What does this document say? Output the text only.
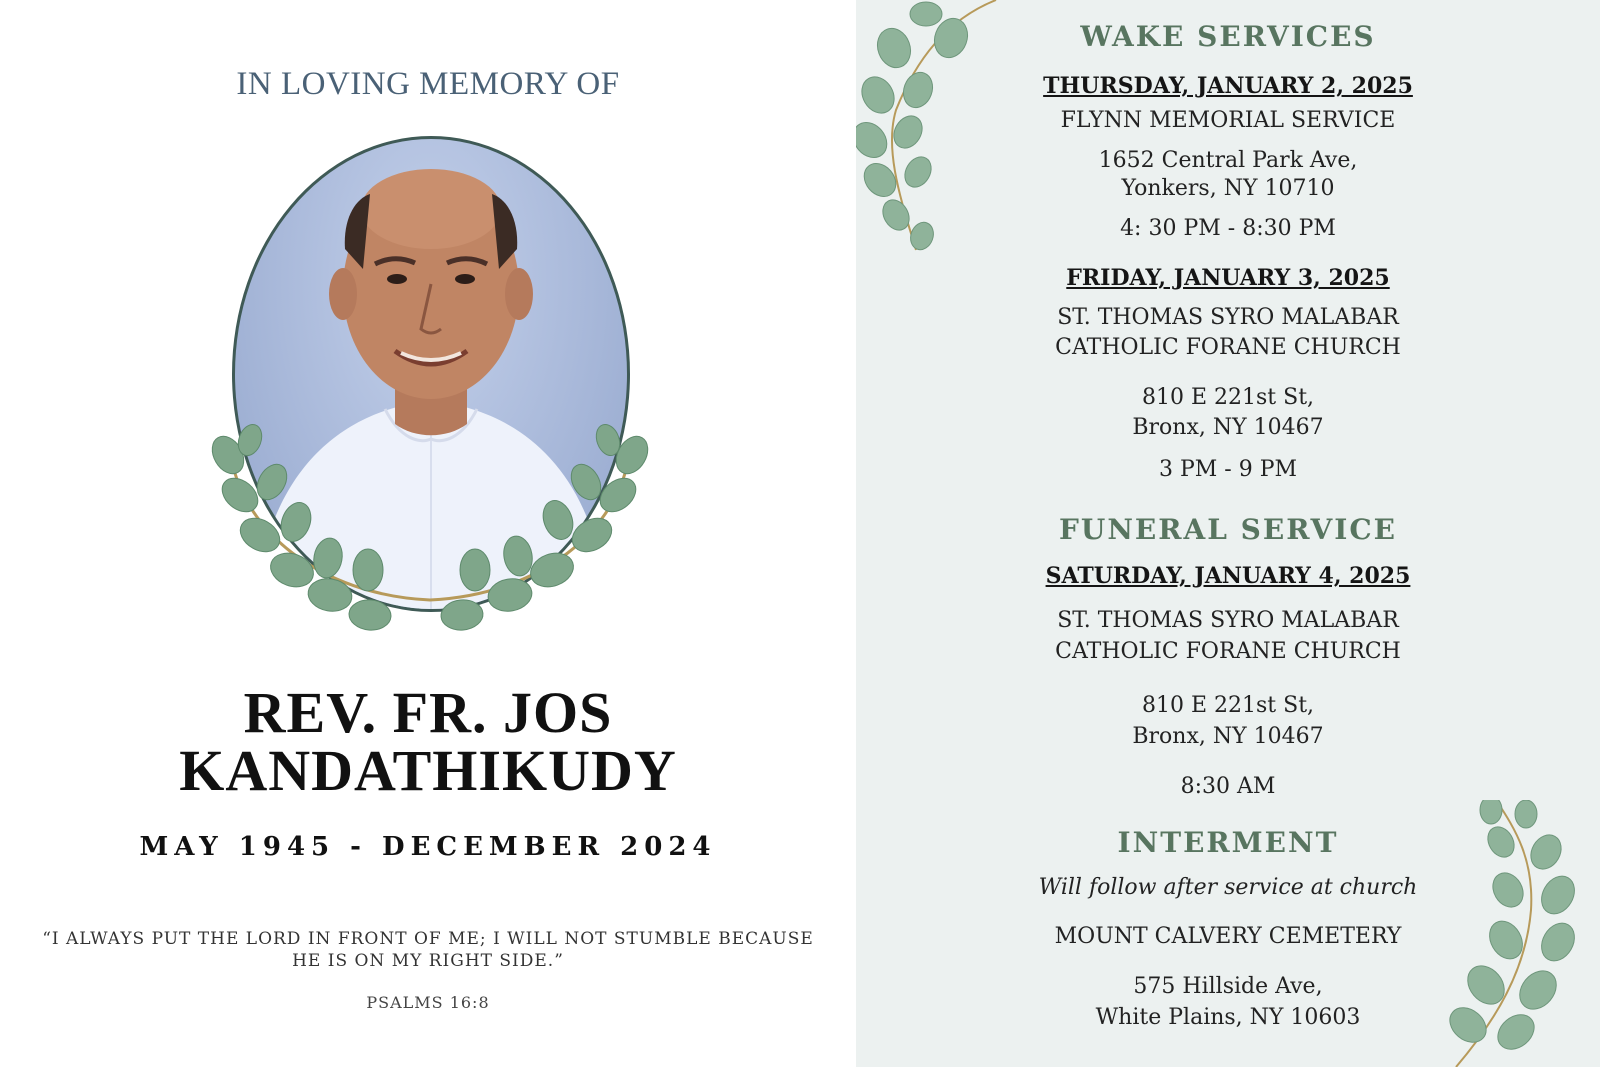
IN LOVING MEMORY OF
REV. FR. JOS
KANDATHIKUDY
MAY 1945 - DECEMBER 2024
“I ALWAYS PUT THE LORD IN FRONT OF ME; I WILL NOT STUMBLE BECAUSE
HE IS ON MY RIGHT SIDE.”
PSALMS 16:8
WAKE SERVICES
THURSDAY, JANUARY 2, 2025
FLYNN MEMORIAL SERVICE
1652 Central Park Ave,
Yonkers, NY 10710
4: 30 PM - 8:30 PM
FRIDAY, JANUARY 3, 2025
ST. THOMAS SYRO MALABAR
CATHOLIC FORANE CHURCH
810 E 221st St,
Bronx, NY 10467
3 PM - 9 PM
FUNERAL SERVICE
SATURDAY, JANUARY 4, 2025
ST. THOMAS SYRO MALABAR
CATHOLIC FORANE CHURCH
810 E 221st St,
Bronx, NY 10467
8:30 AM
INTERMENT
Will follow after service at church
MOUNT CALVERY CEMETERY
575 Hillside Ave,
White Plains, NY 10603
